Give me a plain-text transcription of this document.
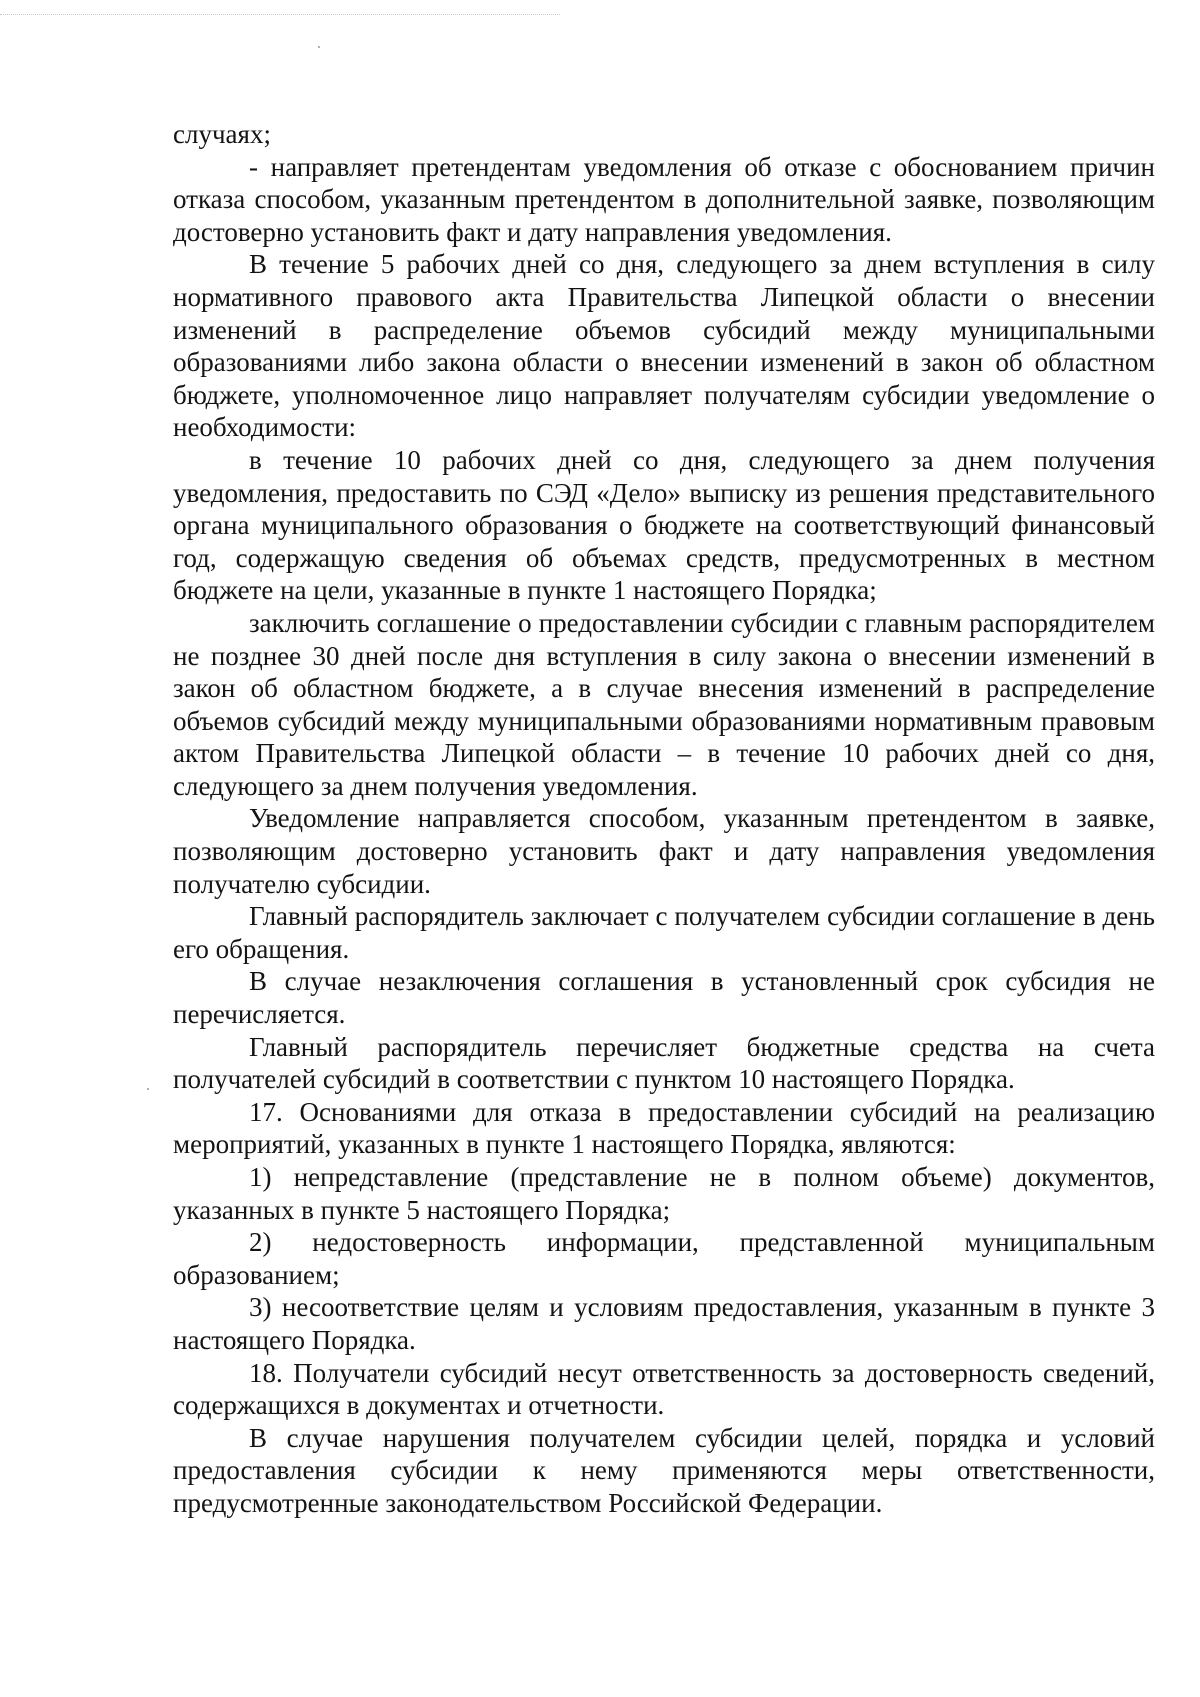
случаях;

- направляет претендентам уведомления об отказе с обоснованием причин отказа способом, указанным претендентом в дополнительной заявке, позволяющим достоверно установить факт и дату направления уведомления.

В течение 5 рабочих дней со дня, следующего за днем вступления в силу нормативного правового акта Правительства Липецкой области о внесении изменений в распределение объемов субсидий между муниципальными образованиями либо закона области о внесении изменений в закон об областном бюджете, уполномоченное лицо направляет получателям субсидии уведомление о необходимости:

в течение 10 рабочих дней со дня, следующего за днем получения уведомления, предоставить по СЭД «Дело» выписку из решения представительного органа муниципального образования о бюджете на соответствующий финансовый год, содержащую сведения об объемах средств, предусмотренных в местном бюджете на цели, указанные в пункте 1 настоящего Порядка;

заключить соглашение о предоставлении субсидии с главным распорядителем не позднее 30 дней после дня вступления в силу закона о внесении изменений в закон об областном бюджете, а в случае внесения изменений в распределение объемов субсидий между муниципальными образованиями нормативным правовым актом Правительства Липецкой области – в течение 10 рабочих дней со дня, следующего за днем получения уведомления.

Уведомление направляется способом, указанным претендентом в заявке, позволяющим достоверно установить факт и дату направления уведомления получателю субсидии.

Главный распорядитель заключает с получателем субсидии соглашение в день его обращения.

В случае незаключения соглашения в установленный срок субсидия не перечисляется.

Главный распорядитель перечисляет бюджетные средства на счета получателей субсидий в соответствии с пунктом 10 настоящего Порядка.

17. Основаниями для отказа в предоставлении субсидий на реализацию мероприятий, указанных в пункте 1 настоящего Порядка, являются:

1) непредставление (представление не в полном объеме) документов, указанных в пункте 5 настоящего Порядка;

2) недостоверность информации, представленной муниципальным образованием;

3) несоответствие целям и условиям предоставления, указанным в пункте 3 настоящего Порядка.

18. Получатели субсидий несут ответственность за достоверность сведений, содержащихся в документах и отчетности.

В случае нарушения получателем субсидии целей, порядка и условий предоставления субсидии к нему применяются меры ответственности, предусмотренные законодательством Российской Федерации.
